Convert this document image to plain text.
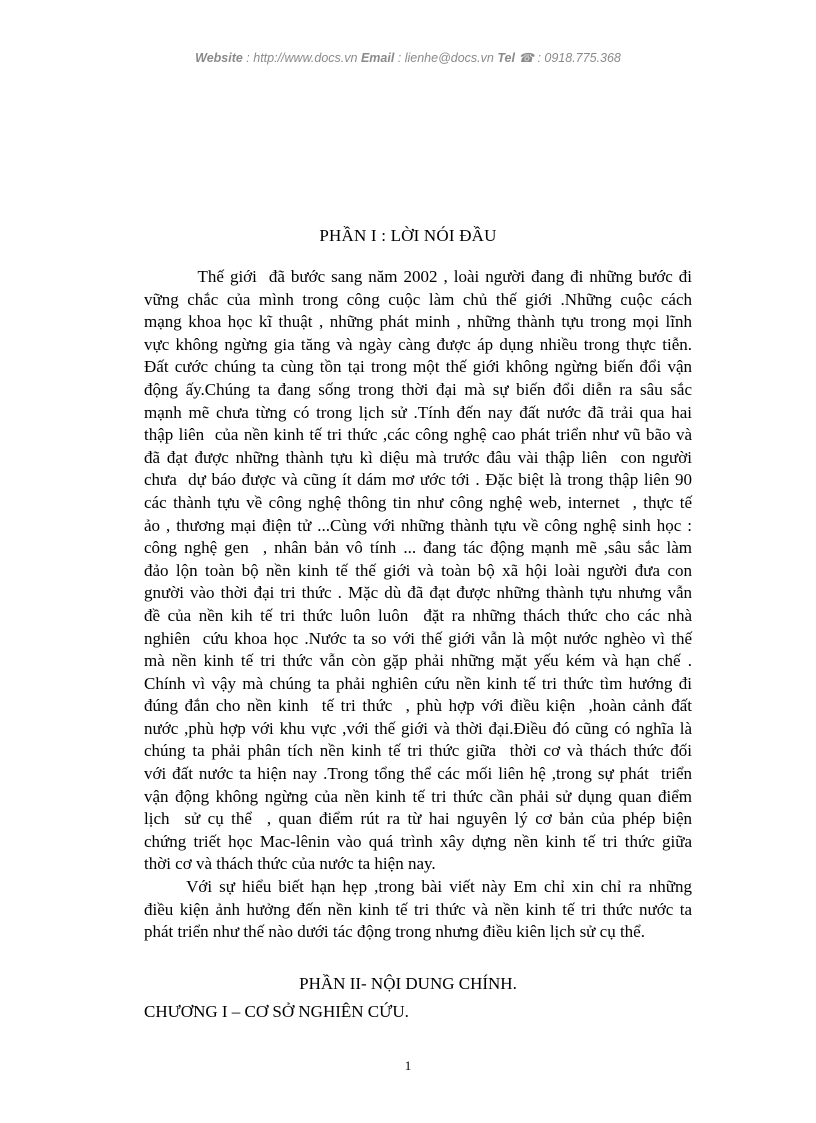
Website : http://www.docs.vn Email : lienhe@docs.vn Tel ☎ : 0918.775.368
PHẦN I : LỜI NÓI ĐẦU
Thế giới  đã bước sang năm 2002 , loài người đang đi những bước đi
vững chắc của mình trong công cuộc làm chủ thế giới .Những cuộc cách
mạng khoa học kĩ thuật , những phát minh , những thành tựu trong mọi lĩnh
vực không ngừng gia tăng và ngày càng được áp dụng nhiều trong thực tiễn.
Đất cước chúng ta cùng tồn tại trong một thế giới không ngừng biến đổi vận
động ấy.Chúng ta đang sống trong thời đại mà sự biến đổi diễn ra sâu sắc
mạnh mẽ chưa từng có trong lịch sử .Tính đến nay đất nước đã trải qua hai
thập liên  của nền kinh tế tri thức ,các công nghệ cao phát triển như vũ bão và
đã đạt được những thành tựu kì diệu mà trước đâu vài thập liên  con người
chưa  dự báo được và cũng ít dám mơ ước tới . Đặc biệt là trong thập liên 90
các thành tựu về công nghệ thông tin như công nghệ web, internet  , thực tế
ảo , thương mại điện tử ...Cùng với những thành tựu về công nghệ sinh học :
công nghệ gen  , nhân bản vô tính ... đang tác động mạnh mẽ ,sâu sắc làm
đảo lộn toàn bộ nền kinh tế thế giới và toàn bộ xã hội loài người đưa con
gnười vào thời đại tri thức . Mặc dù đã đạt được những thành tựu nhưng vẫn
đề của nền kih tế tri thức luôn luôn  đặt ra những thách thức cho các nhà
nghiên  cứu khoa học .Nước ta so với thế giới vẫn là một nước nghèo vì thế
mà nền kinh tế tri thức vẫn còn gặp phải những mặt yếu kém và hạn chế .
Chính vì vậy mà chúng ta phải nghiên cứu nền kinh tế tri thức tìm hướng đi
đúng đắn cho nền kinh  tế tri thức  , phù hợp với điều kiện  ,hoàn cảnh đất
nước ,phù hợp với khu vực ,với thế giới và thời đại.Điều đó cũng có nghĩa là
chúng ta phải phân tích nền kinh tế tri thức giữa  thời cơ và thách thức đối
với đất nước ta hiện nay .Trong tổng thể các mối liên hệ ,trong sự phát  triển
vận động không ngừng của nền kinh tế tri thức cần phải sử dụng quan điểm
lịch  sử cụ thể  , quan điểm rút ra từ hai nguyên lý cơ bản của phép biện
chứng triết học Mac-lênin vào quá trình xây dựng nền kinh tế tri thức giữa
thời cơ và thách thức của nước ta hiện nay.
Với sự hiểu biết hạn hẹp ,trong bài viết này Em chỉ xin chỉ ra những
điều kiện ảnh hưởng đến nền kinh tế tri thức và nền kinh tế tri thức nước ta
phát triển như thế nào dưới tác động trong nhưng điều kiên lịch sử cụ thể.
PHẦN II- NỘI DUNG CHÍNH.
CHƯƠNG I – CƠ SỞ NGHIÊN CỨU.
1
